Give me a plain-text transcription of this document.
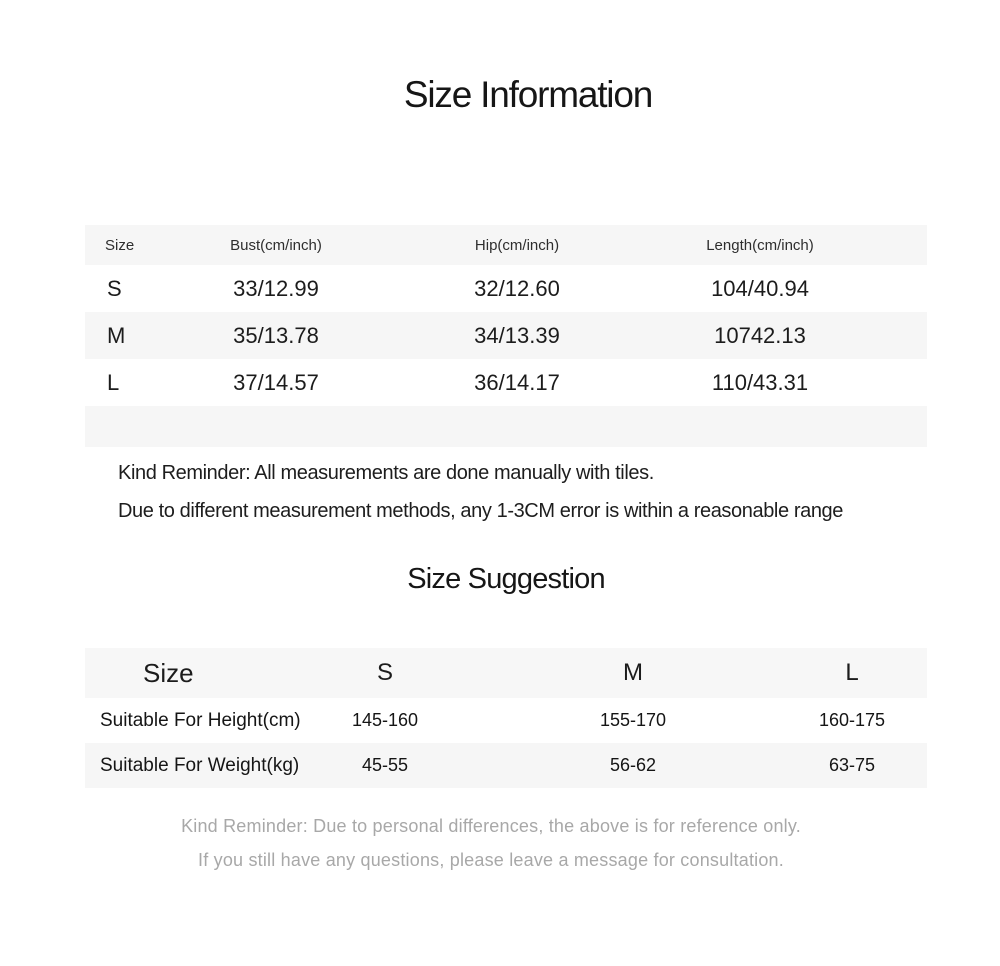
Size Information
Size	Bust(cm/inch)	Hip(cm/inch)	Length(cm/inch)	
S	33/12.99	32/12.60	104/40.94	
M	35/13.78	34/13.39	10742.13	
L	37/14.57	36/14.17	110/43.31	

Kind Reminder: All measurements are done manually with tiles.

Due to different measurement methods, any 1-3CM error is within a reasonable range

Size Suggestion
Size	S	M	L	
Suitable For Height(cm)	145-160	155-170	160-175	
Suitable For Weight(kg)	45-55	56-62	63-75	

Kind Reminder: Due to personal differences, the above is for reference only.

If you still have any questions, please leave a message for consultation.
